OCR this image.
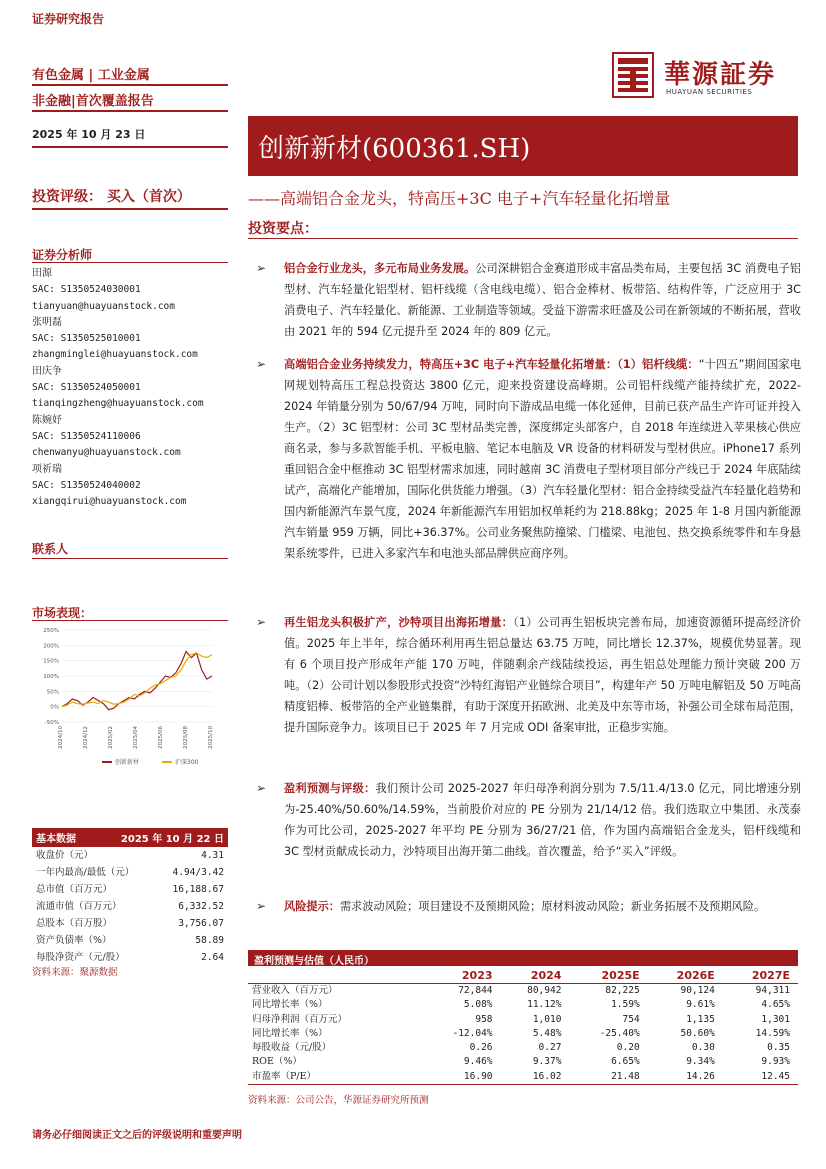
证券研究报告
有色金属 | 工业金属
非金融|首次覆盖报告
華源証券
HUAYUAN SECURITIES
2025 年 10 月 23 日	创新新材(600361.SH)
——高端铝合金龙头，特高压+3C 电子+汽车轻量化拓增量
投资评级： 买入（首次）
投资要点：
证券分析师
田源
SAC: S1350524030001
tianyuan@huayuanstock.com
张明磊
SAC: S1350525010001
zhangminglei@huayuanstock.com
田庆争
SAC: S1350524050001
tianqingzheng@huayuanstock.com
陈婉妤
SAC: S1350524110006
chenwanyu@huayuanstock.com
项祈瑞
SAC: S1350524040002
xiangqirui@huayuanstock.com
联系人
市场表现：
250%
200%
150%
100%
50%
0%
-50%
2024/10	2024/12	2025/02	2025/04	2025/06	2025/08	2025/10
创新新材	沪深300
➢ 铝合金行业龙头，多元布局业务发展。公司深耕铝合金赛道形成丰富品类布局，主要包括 3C 消费电子铝型材、汽车轻量化铝型材、铝杆线缆（含电线电缆）、铝合金棒材、板带箔、结构件等，广泛应用于 3C 消费电子、汽车轻量化、新能源、工业制造等领域。受益下游需求旺盛及公司在新领域的不断拓展，营收由 2021 年的 594 亿元提升至 2024 年的 809 亿元。
➢ 高端铝合金业务持续发力，特高压+3C 电子+汽车轻量化拓增量：（1）铝杆线缆：“十四五”期间国家电网规划特高压工程总投资达 3800 亿元，迎来投资建设高峰期。公司铝杆线缆产能持续扩充，2022-2024 年销量分别为 50/67/94 万吨，同时向下游成品电缆一体化延伸，目前已获产品生产许可证并投入生产。（2）3C 铝型材：公司 3C 型材品类完善，深度绑定头部客户，自 2018 年连续进入苹果核心供应商名录，参与多款智能手机、平板电脑、笔记本电脑及 VR 设备的材料研发与型材供应。iPhone17 系列重回铝合金中框推动 3C 铝型材需求加速，同时越南 3C 消费电子型材项目部分产线已于 2024 年底陆续试产，高端化产能增加，国际化供货能力增强。（3）汽车轻量化型材：铝合金持续受益汽车轻量化趋势和国内新能源汽车景气度，2024 年新能源汽车用铝加权单耗约为 218.88kg；2025 年 1-8 月国内新能源汽车销量 959 万辆，同比+36.37%。公司业务聚焦防撞梁、门槛梁、电池包、热交换系统零件和车身悬架系统零件，已进入多家汽车和电池头部品牌供应商序列。
➢ 再生铝龙头积极扩产，沙特项目出海拓增量：（1）公司再生铝板块完善布局，加速资源循环提高经济价值。2025 年上半年，综合循环利用再生铝总量达 63.75 万吨，同比增长 12.37%，规模优势显著。现有 6 个项目投产形成年产能 170 万吨，伴随剩余产线陆续投运，再生铝总处理能力预计突破 200 万吨。（2）公司计划以参股形式投资“沙特红海铝产业链综合项目”，构建年产 50 万吨电解铝及 50 万吨高精度铝棒、板带箔的全产业链集群，有助于深度开拓欧洲、北美及中东等市场，补强公司全球布局范围，提升国际竞争力。该项目已于 2025 年 7 月完成 ODI 备案审批，正稳步实施。
➢ 盈利预测与评级：我们预计公司 2025-2027 年归母净利润分别为 7.5/11.4/13.0 亿元，同比增速分别为-25.40%/50.60%/14.59%，当前股价对应的 PE 分别为 21/14/12 倍。我们选取立中集团、永茂泰作为可比公司，2025-2027 年平均 PE 分别为 36/27/21 倍，作为国内高端铝合金龙头，铝杆线缆和 3C 型材贡献成长动力，沙特项目出海开第二曲线。首次覆盖，给予“买入”评级。
➢ 风险提示：需求波动风险；项目建设不及预期风险；原材料波动风险；新业务拓展不及预期风险。
基本数据	2025 年 10 月 22 日
收盘价（元）	4.31
一年内最高/最低（元）	4.94/3.42
总市值（百万元）	16,188.67
流通市值（百万元）	6,332.52
总股本（百万股）	3,756.07
资产负债率（%）	58.89
每股净资产（元/股）	2.64
资料来源：聚源数据
盈利预测与估值（人民币）
	2023	2024	2025E	2026E	2027E
营业收入（百万元）	72,844	80,942	82,225	90,124	94,311
同比增长率（%）	5.08%	11.12%	1.59%	9.61%	4.65%
归母净利润（百万元）	958	1,010	754	1,135	1,301
同比增长率（%）	-12.04%	5.48%	-25.40%	50.60%	14.59%
每股收益（元/股）	0.26	0.27	0.20	0.30	0.35
ROE（%）	9.46%	9.37%	6.65%	9.34%	9.93%
市盈率（P/E）	16.90	16.02	21.48	14.26	12.45
资料来源：公司公告，华源证券研究所预测
请务必仔细阅读正文之后的评级说明和重要声明
